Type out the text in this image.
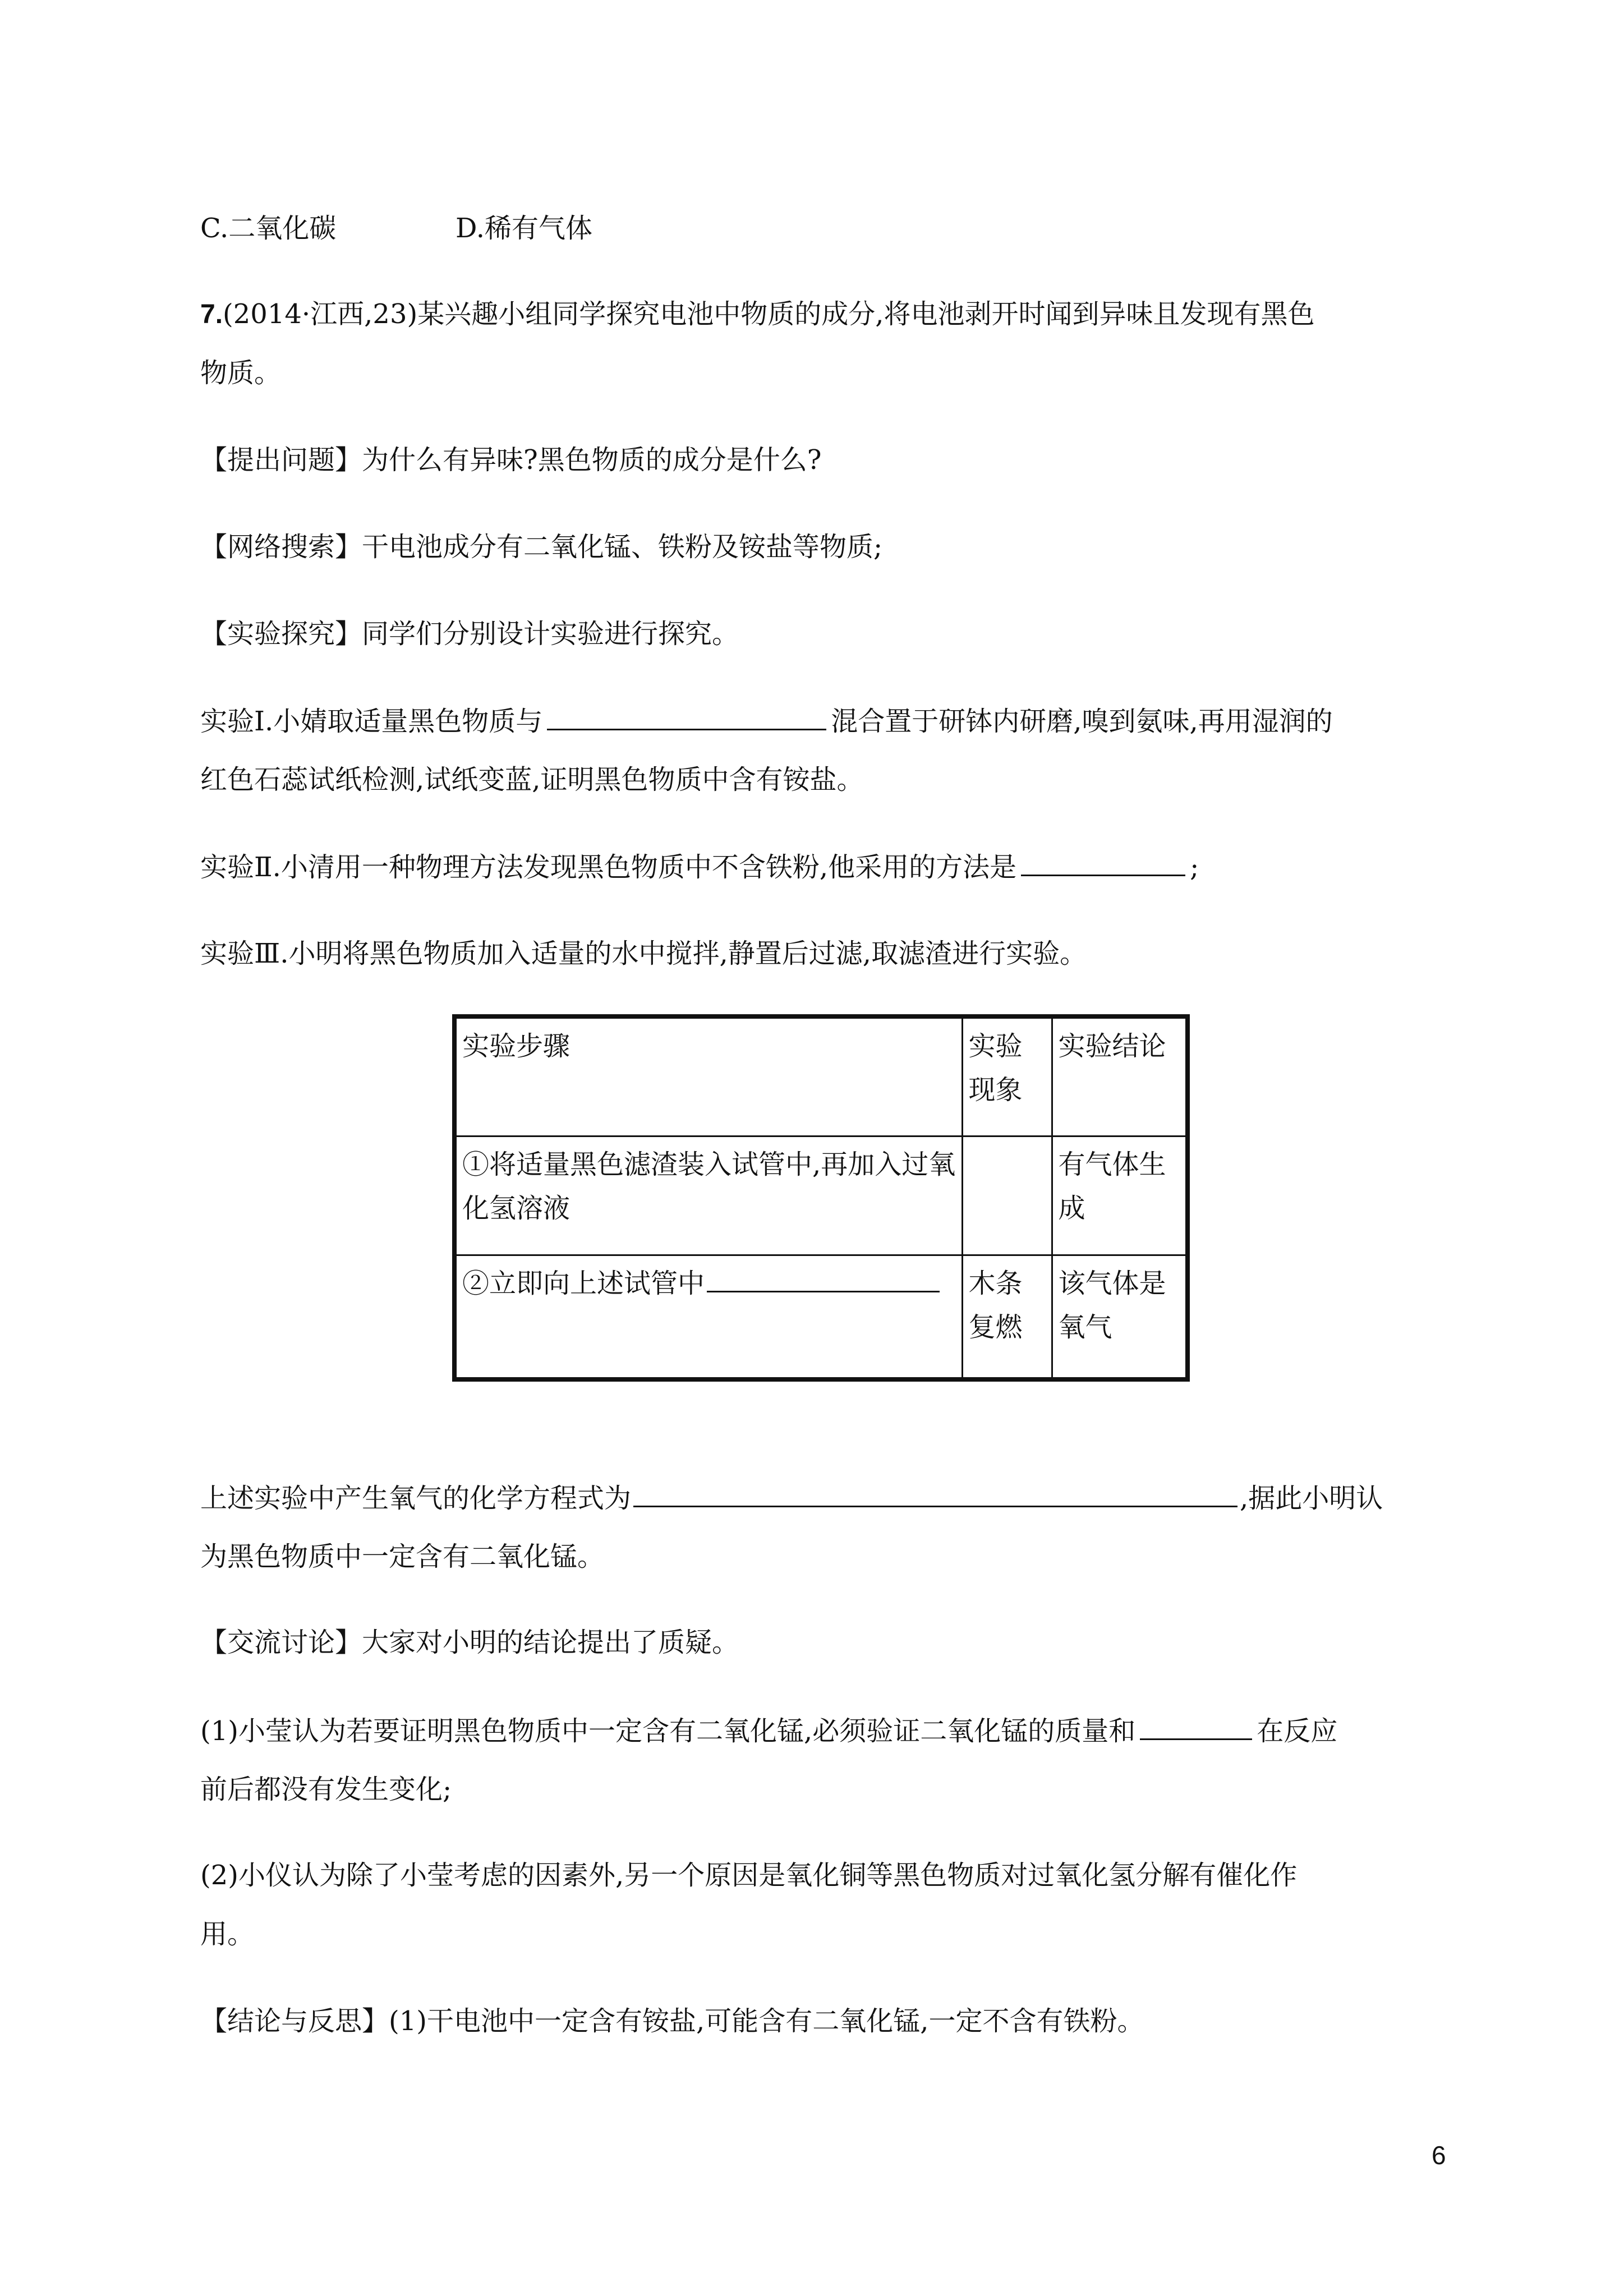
C.二氧化碳	D.稀有气体
7.(2014·江西,23)某兴趣小组同学探究电池中物质的成分,将电池剥开时闻到异味且发现有黑色
物质。
【提出问题】为什么有异味?黑色物质的成分是什么?
【网络搜索】干电池成分有二氧化锰、铁粉及铵盐等物质;
【实验探究】同学们分别设计实验进行探究。
实验Ⅰ.小婧取适量黑色物质与	混合置于研钵内研磨,嗅到氨味,再用湿润的
红色石蕊试纸检测,试纸变蓝,证明黑色物质中含有铵盐。
实验Ⅱ.小清用一种物理方法发现黑色物质中不含铁粉,他采用的方法是	;
实验Ⅲ.小明将黑色物质加入适量的水中搅拌,静置后过滤,取滤渣进行实验。
实验步骤	实验现象	实验结论
①将适量黑色滤渣装入试管中,再加入过氧化氢溶液		有气体生成
②立即向上述试管中	木条复燃	该气体是氧气
上述实验中产生氧气的化学方程式为	,据此小明认
为黑色物质中一定含有二氧化锰。
【交流讨论】大家对小明的结论提出了质疑。
(1)小莹认为若要证明黑色物质中一定含有二氧化锰,必须验证二氧化锰的质量和	在反应
前后都没有发生变化;
(2)小仪认为除了小莹考虑的因素外,另一个原因是氧化铜等黑色物质对过氧化氢分解有催化作
用。
【结论与反思】(1)干电池中一定含有铵盐,可能含有二氧化锰,一定不含有铁粉。
6
